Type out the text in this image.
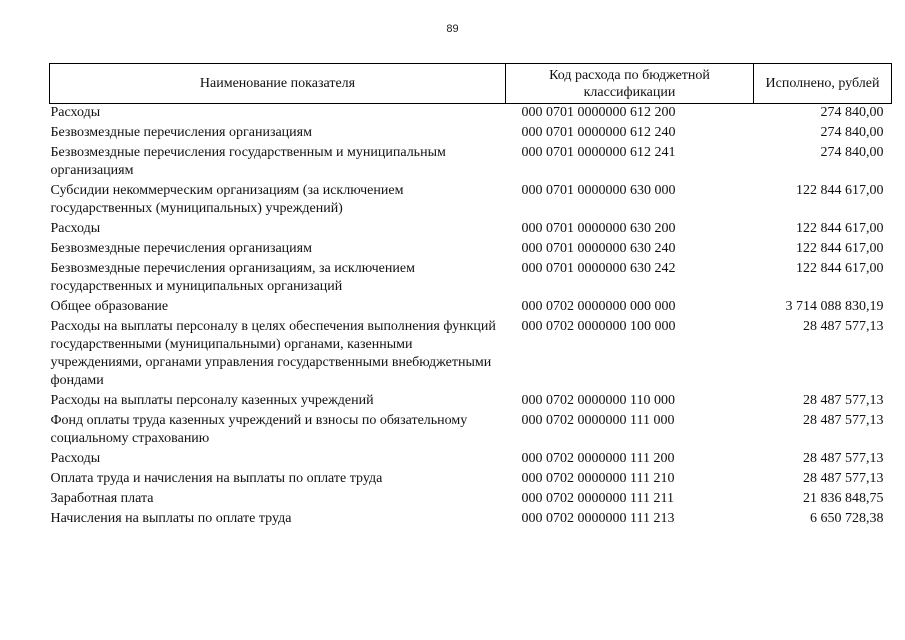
89
Наименование показателя	Код расхода по бюджетной классификации	Исполнено, рублей
Расходы	000 0701 0000000 612 200	274 840,00
Безвозмездные перечисления организациям	000 0701 0000000 612 240	274 840,00
Безвозмездные перечисления государственным и муниципальным организациям	000 0701 0000000 612 241	274 840,00
Субсидии некоммерческим организациям (за исключением государственных (муниципальных) учреждений)	000 0701 0000000 630 000	122 844 617,00
Расходы	000 0701 0000000 630 200	122 844 617,00
Безвозмездные перечисления организациям	000 0701 0000000 630 240	122 844 617,00
Безвозмездные перечисления организациям, за исключением государственных и муниципальных организаций	000 0701 0000000 630 242	122 844 617,00
Общее образование	000 0702 0000000 000 000	3 714 088 830,19
Расходы на выплаты персоналу в целях обеспечения выполнения функций государственными (муниципальными) органами, казенными учреждениями, органами управления государственными внебюджетными фондами	000 0702 0000000 100 000	28 487 577,13
Расходы на выплаты персоналу казенных учреждений	000 0702 0000000 110 000	28 487 577,13
Фонд оплаты труда казенных учреждений и взносы по обязательному социальному страхованию	000 0702 0000000 111 000	28 487 577,13
Расходы	000 0702 0000000 111 200	28 487 577,13
Оплата труда и начисления на выплаты по оплате труда	000 0702 0000000 111 210	28 487 577,13
Заработная плата	000 0702 0000000 111 211	21 836 848,75
Начисления на выплаты по оплате труда	000 0702 0000000 111 213	6 650 728,38
